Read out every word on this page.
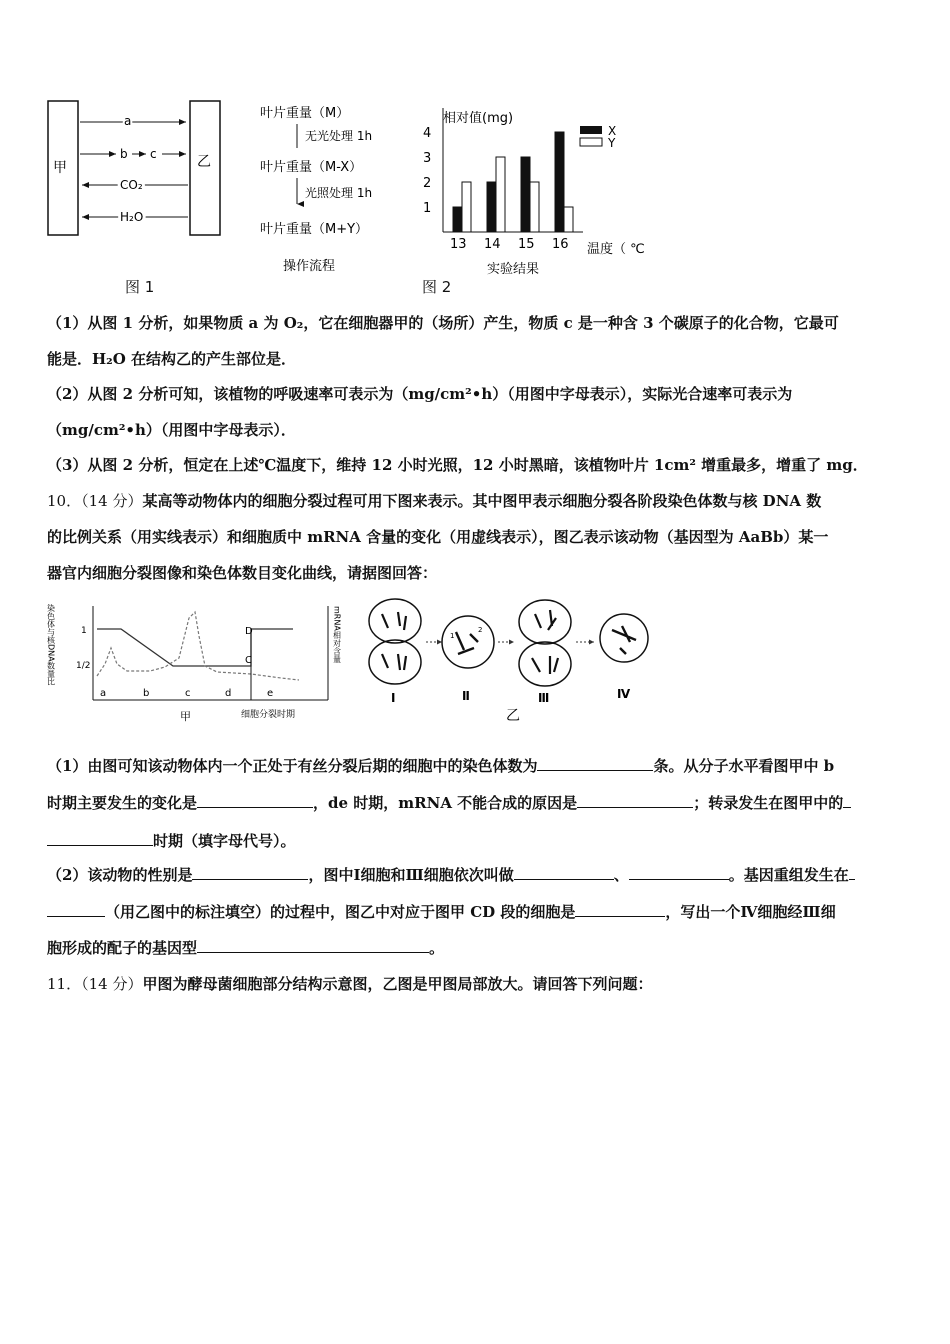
甲	乙
a
b c
CO₂
H₂O
图 1
叶片重量（M）
无光处理 1h
叶片重量（M-X）
光照处理 1h
叶片重量（M+Y）
操作流程
相对值(mg)
1
2
3
4
13 14 15 16
X
Y
温度（ ℃
实验结果
图 2
（1）从图 1 分析，如果物质 a 为 O₂，它在细胞器甲的（场所）产生，物质 c 是一种含 3 个碳原子的化合物，它最可
能是．H₂O 在结构乙的产生部位是．
（2）从图 2 分析可知，该植物的呼吸速率可表示为（mg/cm²•h）（用图中字母表示），实际光合速率可表示为
（mg/cm²•h）（用图中字母表示）．
（3）从图 2 分析，恒定在上述℃温度下，维持 12 小时光照，12 小时黑暗，该植物叶片 1cm² 增重最多，增重了 mg．
10．（14 分）某高等动物体内的细胞分裂过程可用下图来表示。其中图甲表示细胞分裂各阶段染色体数与核 DNA 数
的比例关系（用实线表示）和细胞质中 mRNA 含量的变化（用虚线表示），图乙表示该动物（基因型为 AaBb）某一
器官内细胞分裂图像和染色体数目变化曲线，请据图回答：
染色体与核DNA数量比	mRNA相对含量
1
1/2
D
C
a	b	c	d	e
甲	细胞分裂时期
1
2
Ⅰ	Ⅱ	Ⅲ	Ⅳ
乙
（1）由图可知该动物体内一个正处于有丝分裂后期的细胞中的染色体数为	条。从分子水平看图甲中 b
时期主要发生的变化是	，de 时期，mRNA 不能合成的原因是	；转录发生在图甲中的
时期（填字母代号）。
（2）该动物的性别是	，图中Ⅰ细胞和Ⅲ细胞依次叫做	、	。基因重组发生在
（用乙图中的标注填空）的过程中，图乙中对应于图甲 CD 段的细胞是	，写出一个Ⅳ细胞经Ⅲ细
胞形成的配子的基因型	。
11．（14 分）甲图为酵母菌细胞部分结构示意图，乙图是甲图局部放大。请回答下列问题：
